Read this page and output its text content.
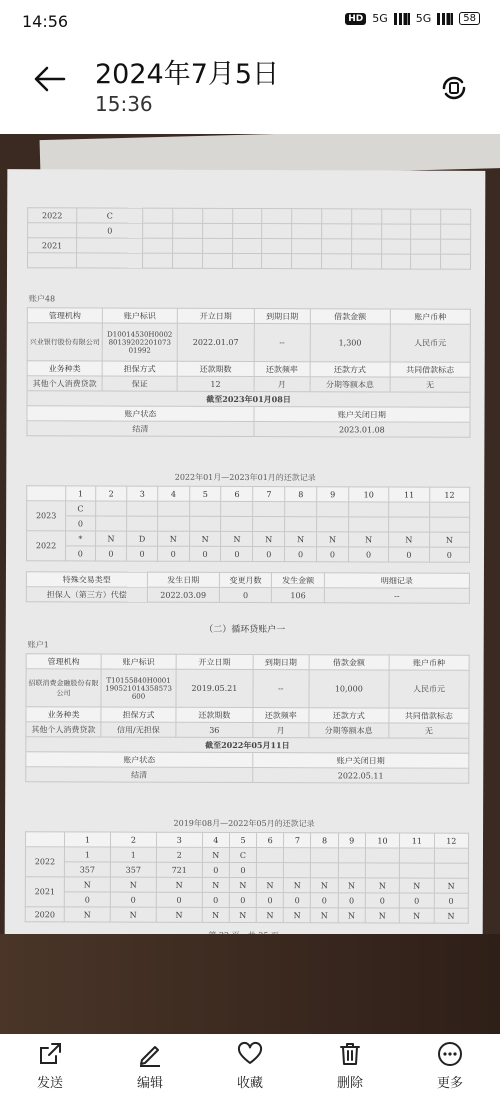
14:56	HD 5G	5G	58
2024年7月5日
15:36
2022	C											
	0											
2021												

账户48
管理机构	账户标识	开立日期	到期日期	借款金额	账户币种
兴业银行股份有限公司	D10014530H0002 80139202201073 01992	2022.01.07	--	1,300	人民币元
业务种类	担保方式	还款期数	还款频率	还款方式	共同借款标志
其他个人消费贷款	保证	12	月	分期等额本息	无
截至2023年01月08日					
账户状态			账户关闭日期		
结清			2023.01.08		
2022年01月—2023年01月的还款记录
	1	2	3	4	5	6	7	8	9	10	11	12
2023	C											
	0											
2022	*	N	D	N	N	N	N	N	N	N	N	N
	0	0	0	0	0	0	0	0	0	0	0	0
特殊交易类型	发生日期	变更月数	发生金额	明细记录
担保人（第三方）代偿	2022.03.09	0	106	--
（二）循环贷账户一
账户1
管理机构	账户标识	开立日期	到期日期	借款金额	账户币种
招联消费金融股份有限公司	T10155840H0001 190521014358573 600	2019.05.21	--	10,000	人民币元
业务种类	担保方式	还款期数	还款频率	还款方式	共同借款标志
其他个人消费贷款	信用/无担保	36	月	分期等额本息	无
截至2022年05月11日					
账户状态			账户关闭日期		
结清			2022.05.11		
2019年08月—2022年05月的还款记录
	1	2	3	4	5	6	7	8	9	10	11	12
2022	1	1	2	N	C							
	357	357	721	0	0							
2021	N	N	N	N	N	N	N	N	N	N	N	N
	0	0	0	0	0	0	0	0	0	0	0	0
2020	N	N	N	N	N	N	N	N	N	N	N	N
发送	编辑	收藏	删除	更多
